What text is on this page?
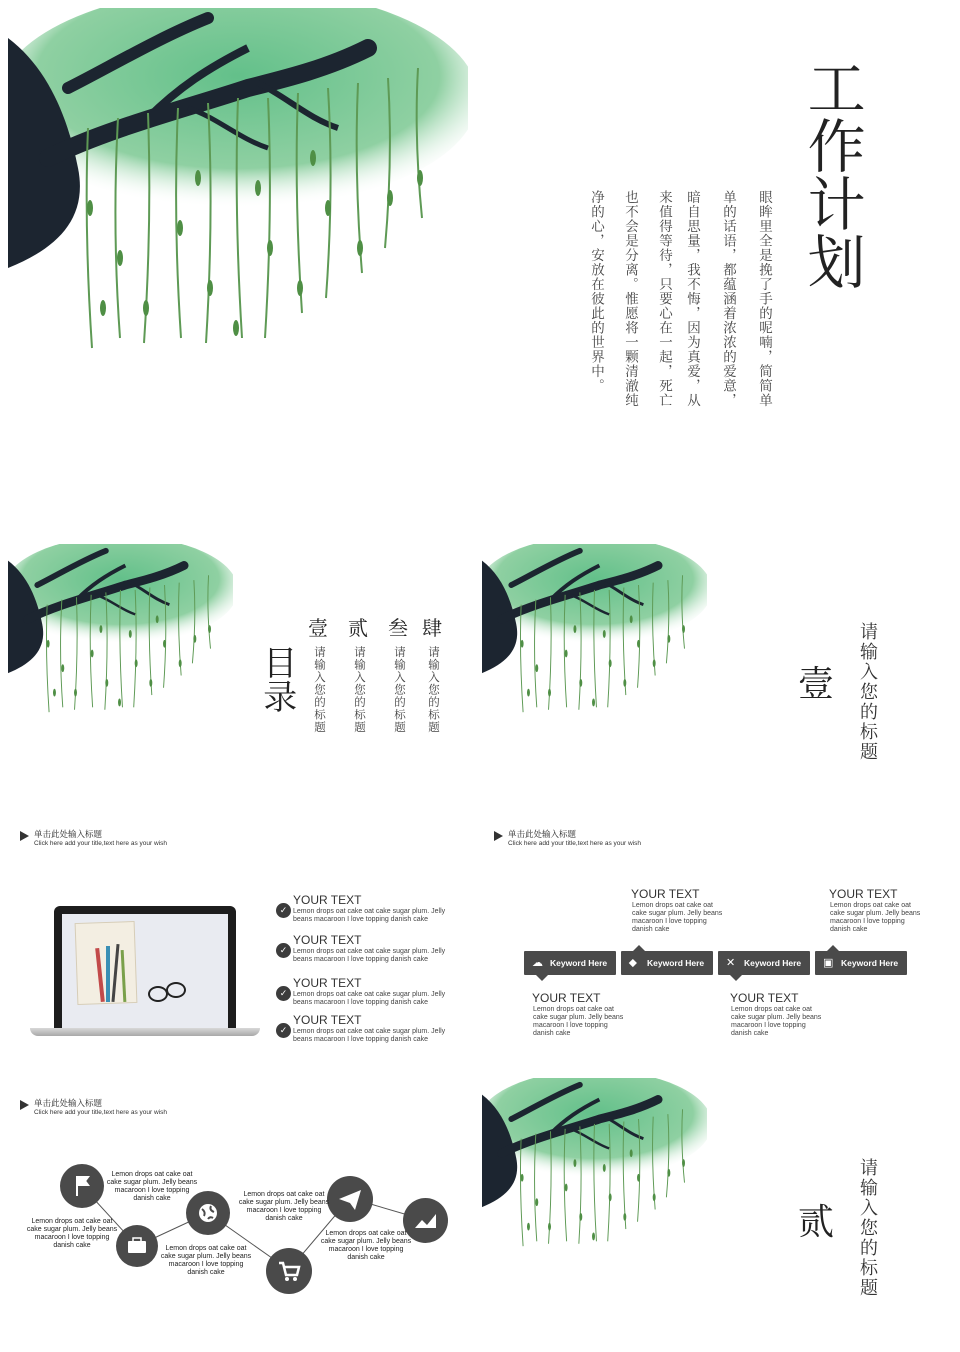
工作计划
眼眸里全是挽了手的呢喃，简简单
单的话语，都蕴涵着浓浓的爱意，
暗自思量，我不悔，因为真爱，从
来值得等待，只要心在一起，死亡
也不会是分离。惟愿将一颗清澈纯
净的心，安放在彼此的世界中。
目录
壹 贰 叁 肆
请输入您的标题 请输入您的标题 请输入您的标题 请输入您的标题	壹 请输入您的标题
单击此处输入标题
Click here add your title,text here as your wish
✓
YOUR TEXT
Lemon drops oat cake oat cake sugar plum. Jelly beans macaroon I love topping danish cake
✓
YOUR TEXT
Lemon drops oat cake oat cake sugar plum. Jelly beans macaroon I love topping danish cake
✓
YOUR TEXT
Lemon drops oat cake oat cake sugar plum. Jelly beans macaroon I love topping danish cake
✓
YOUR TEXT
Lemon drops oat cake oat cake sugar plum. Jelly beans macaroon I love topping danish cake
单击此处输入标题
Click here add your title,text here as your wish
YOUR TEXT
Lemon drops oat cake oat cake sugar plum. Jelly beans macaroon I love topping danish cake
YOUR TEXT
Lemon drops oat cake oat cake sugar plum. Jelly beans macaroon I love topping danish cake
☁ Keyword Here ⬥ Keyword Here ✕ Keyword Here ▣ Keyword Here
YOUR TEXT
Lemon drops oat cake oat cake sugar plum. Jelly beans macaroon I love topping danish cake
YOUR TEXT
Lemon drops oat cake oat cake sugar plum. Jelly beans macaroon I love topping danish cake
单击此处输入标题
Click here add your title,text here as your wish
Lemon drops oat cake oat cake sugar plum. Jelly beans macaroon I love topping danish cake
Lemon drops oat cake oat cake sugar plum. Jelly beans macaroon I love topping danish cake
Lemon drops oat cake oat cake sugar plum. Jelly beans macaroon I love topping danish cake
Lemon drops oat cake oat cake sugar plum. Jelly beans macaroon I love topping danish cake
Lemon drops oat cake oat cake sugar plum. Jelly beans macaroon I love topping danish cake
贰 请输入您的标题
